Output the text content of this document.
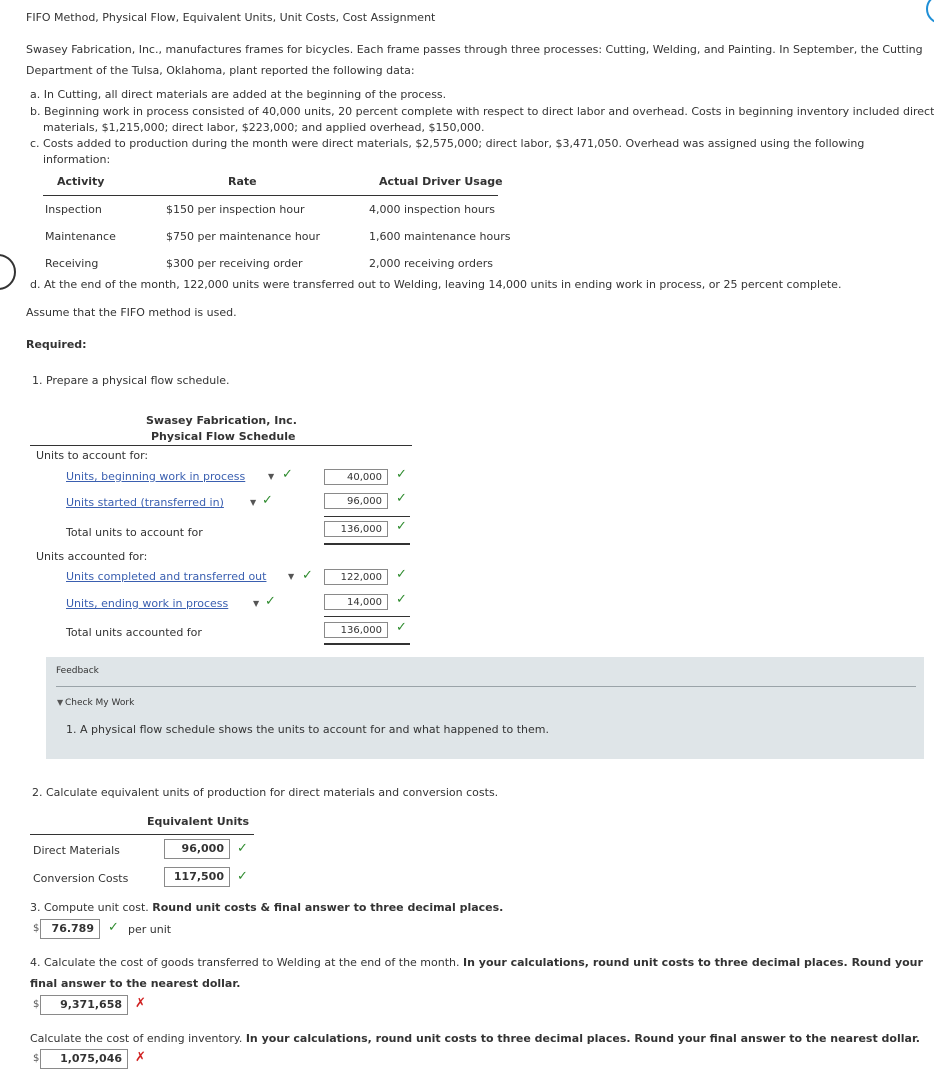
FIFO Method, Physical Flow, Equivalent Units, Unit Costs, Cost Assignment
Swasey Fabrication, Inc., manufactures frames for bicycles. Each frame passes through three processes: Cutting, Welding, and Painting. In September, the Cutting
Department of the Tulsa, Oklahoma, plant reported the following data:
a. In Cutting, all direct materials are added at the beginning of the process.
b. Beginning work in process consisted of 40,000 units, 20 percent complete with respect to direct labor and overhead. Costs in beginning inventory included direct
materials, $1,215,000; direct labor, $223,000; and applied overhead, $150,000.
c. Costs added to production during the month were direct materials, $2,575,000; direct labor, $3,471,050. Overhead was assigned using the following
information:
Activity	Rate	Actual Driver Usage
Inspection	$150 per inspection hour	4,000 inspection hours
Maintenance	$750 per maintenance hour	1,600 maintenance hours
Receiving	$300 per receiving order	2,000 receiving orders
d. At the end of the month, 122,000 units were transferred out to Welding, leaving 14,000 units in ending work in process, or 25 percent complete.
Assume that the FIFO method is used.
Required:
1. Prepare a physical flow schedule.
Swasey Fabrication, Inc.
Physical Flow Schedule
Units to account for:
Units, beginning work in process	▼ ✓	40,000	✓
Units started (transferred in)	▼ ✓	96,000	✓
Total units to account for	136,000	✓
Units accounted for:
Units completed and transferred out	▼ ✓	122,000	✓
Units, ending work in process	▼ ✓	14,000	✓
Total units accounted for	136,000	✓
Feedback
▼ Check My Work
1. A physical flow schedule shows the units to account for and what happened to them.
2. Calculate equivalent units of production for direct materials and conversion costs.
Equivalent Units
Direct Materials	96,000	✓
Conversion Costs	117,500	✓
3. Compute unit cost. Round unit costs & final answer to three decimal places.
$	76.789	✓ per unit
4. Calculate the cost of goods transferred to Welding at the end of the month. In your calculations, round unit costs to three decimal places. Round your
final answer to the nearest dollar.
$	9,371,658	✗
Calculate the cost of ending inventory. In your calculations, round unit costs to three decimal places. Round your final answer to the nearest dollar.
$	1,075,046	✗
